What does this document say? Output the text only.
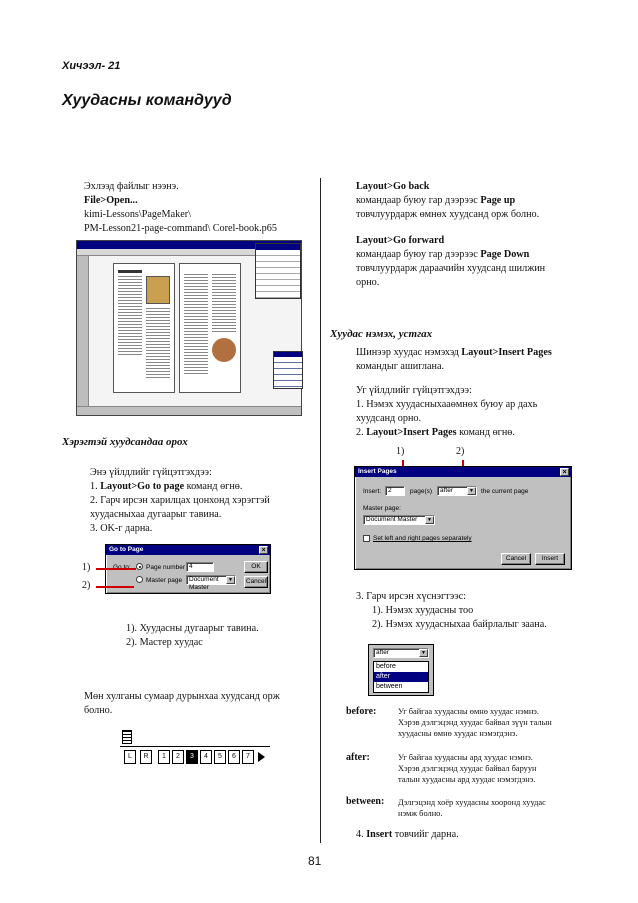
Хичээл- 21
Хуудасны командууд
Эхлээд файлыг нээнэ.
File>Open...
kimi-Lessons\PageMaker\
PM-Lesson21-page-command\ Corel-book.p65
Хэрэгтэй хуудсандаа орох
Энэ үйлдлийг гүйцэтгэхдээ:
1. Layout>Go to page команд өгнө.
2. Гарч ирсэн харилцах цонхонд хэрэгтэй
хуудасныхаа дугаарыг тавина.
3. OK-г дарна.
Go to Page	×
Page number 4
Master page	Document Master
▼
OK
Cancel
1)
2)
1). Хуудасны дугаарыг тавина.
2). Мастер хуудас
Мөн хулганы сумаар дурынхаа хуудсанд орж
болно.
L	R	1	2	3	4	5	6	7
Layout>Go back
командаар буюу гар дээрээс Page up
товчлуурдарж өмнөх хуудсанд орж болно.
Layout>Go forward
командаар буюу гар дээрээс Page Down
товчлуурдарж дараачийн хуудсанд шилжин
орно.
Хуудас нэмэх, устгах
Шинээр хуудас нэмэхэд Layout>Insert Pages
командыг ашиглана.
Уг үйлдлийг гүйцэтгэхдээ:
1. Нэмэх хуудасныхааөмнөх буюу ар дахь
хуудсанд орно.
2. Layout>Insert Pages команд өгнө.
1)	2)
Insert Pages	×
Insert:	2	page(s)	after	▼	the current page
Master page:
Document Master	▼
Set left and right pages separately
Cancel	Insert
3. Гарч ирсэн хүснэгтээс:
1). Нэмэх хуудасны тоо
2). Нэмэх хуудасныхаа байрлалыг заана.
after	▼
before
after
between
before:	Уг байгаа хуудасны өмнө хуудас нэмнэ.
Хэрэв дэлгэцэнд хуудас байвал зүүн талын
хуудасны өмнө хуудас нэмэгдэнэ.
after:	Уг байгаа хуудасны ард хуудас нэмнэ.
Хэрэв дэлгэцэнд хуудас байвал баруун
талын хуудасны ард хуудас нэмэгдэнэ.
between: Дэлгэцэнд хоёр хуудасны хооронд хуудас
нэмж болно.
4. Insert товчийг дарна.
81
